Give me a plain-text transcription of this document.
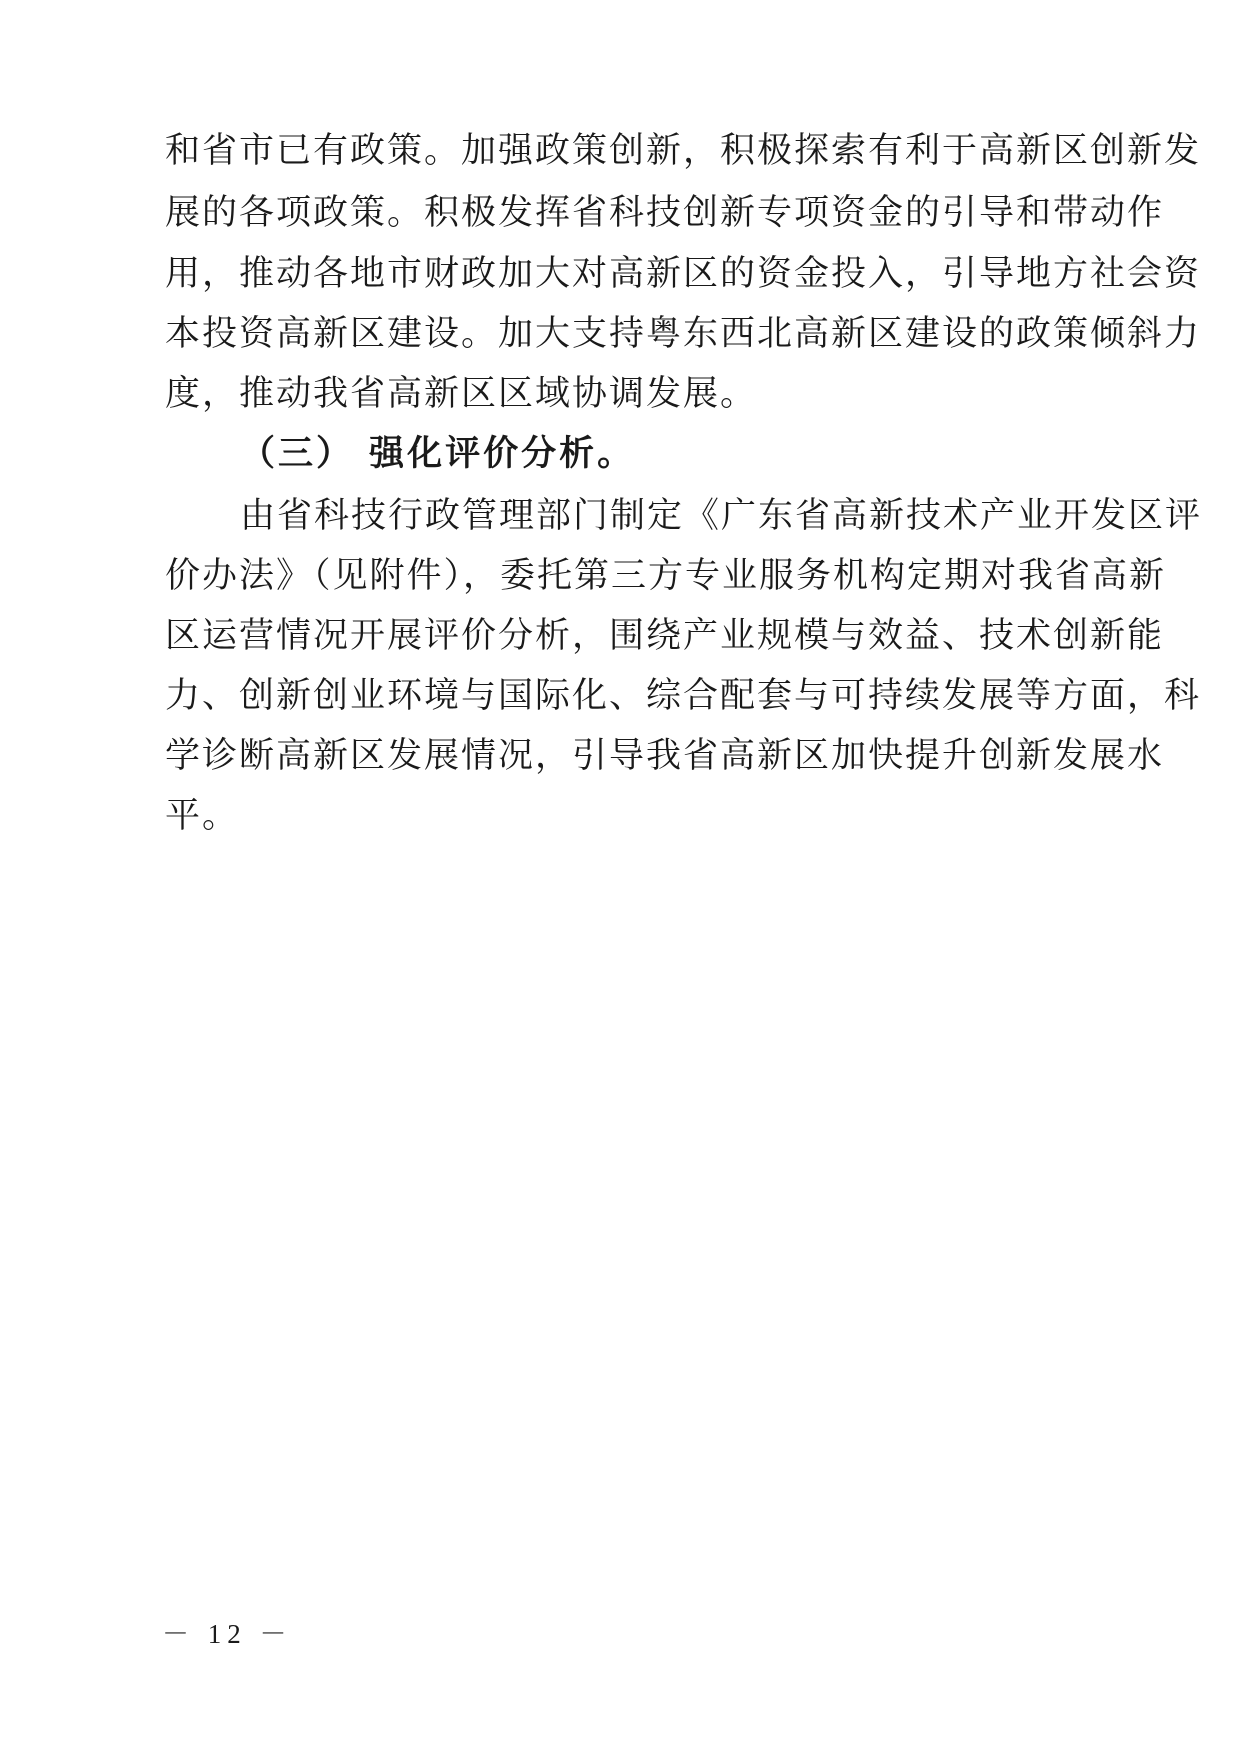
和省市已有政策。加强政策创新，积极探索有利于高新区创新发
展的各项政策。积极发挥省科技创新专项资金的引导和带动作
用，推动各地市财政加大对高新区的资金投入，引导地方社会资
本投资高新区建设。加大支持粤东西北高新区建设的政策倾斜力
度，推动我省高新区区域协调发展。
（三） 强化评价分析。
由省科技行政管理部门制定《广东省高新技术产业开发区评
价办法》（见附件），委托第三方专业服务机构定期对我省高新
区运营情况开展评价分析，围绕产业规模与效益、技术创新能
力、创新创业环境与国际化、综合配套与可持续发展等方面，科
学诊断高新区发展情况，引导我省高新区加快提升创新发展水
平。
－ 12 －
